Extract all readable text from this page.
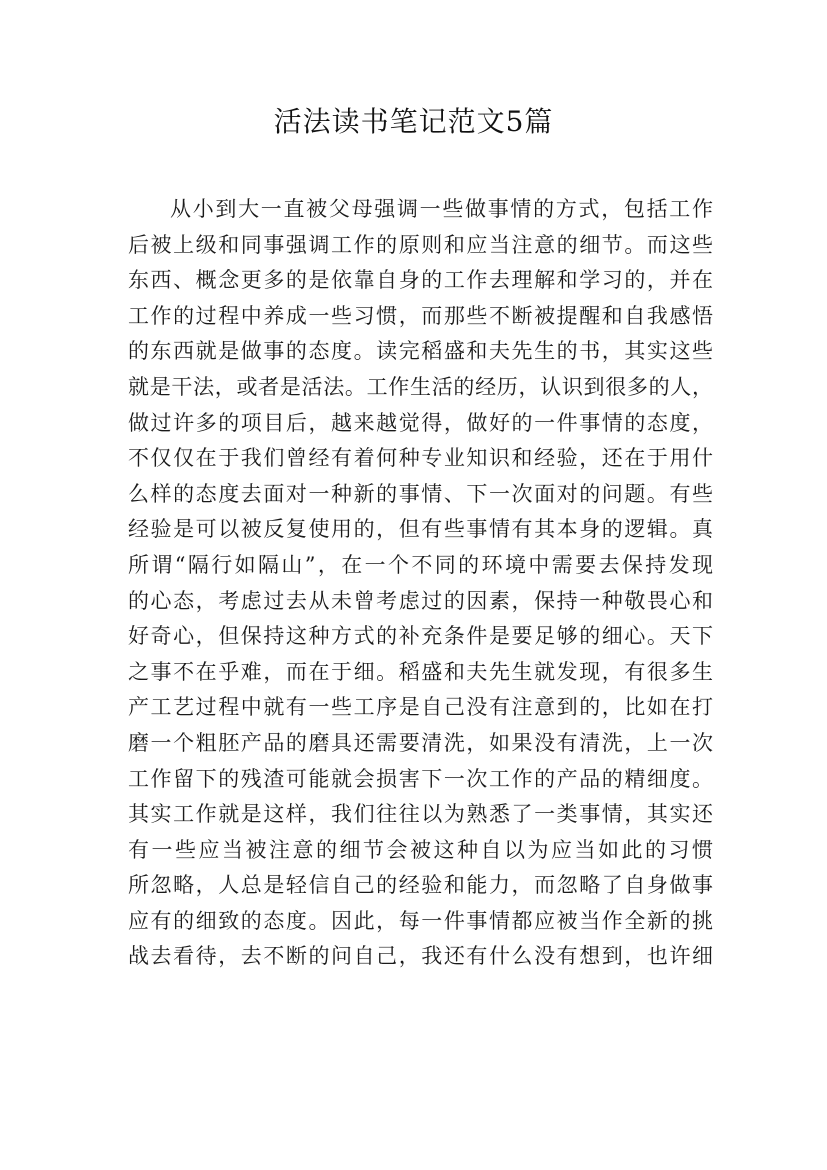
活法读书笔记范文5篇
从小到大一直被父母强调一些做事情的方式，包括工作
后被上级和同事强调工作的原则和应当注意的细节。而这些
东西、概念更多的是依靠自身的工作去理解和学习的，并在
工作的过程中养成一些习惯，而那些不断被提醒和自我感悟
的东西就是做事的态度。读完稻盛和夫先生的书，其实这些
就是干法，或者是活法。工作生活的经历，认识到很多的人，
做过许多的项目后，越来越觉得，做好的一件事情的态度，
不仅仅在于我们曾经有着何种专业知识和经验，还在于用什
么样的态度去面对一种新的事情、下一次面对的问题。有些
经验是可以被反复使用的，但有些事情有其本身的逻辑。真
所谓“隔行如隔山”，在一个不同的环境中需要去保持发现
的心态，考虑过去从未曾考虑过的因素，保持一种敬畏心和
好奇心，但保持这种方式的补充条件是要足够的细心。天下
之事不在乎难，而在于细。稻盛和夫先生就发现，有很多生
产工艺过程中就有一些工序是自己没有注意到的，比如在打
磨一个粗胚产品的磨具还需要清洗，如果没有清洗，上一次
工作留下的残渣可能就会损害下一次工作的产品的精细度。
其实工作就是这样，我们往往以为熟悉了一类事情，其实还
有一些应当被注意的细节会被这种自以为应当如此的习惯
所忽略，人总是轻信自己的经验和能力，而忽略了自身做事
应有的细致的态度。因此，每一件事情都应被当作全新的挑
战去看待，去不断的问自己，我还有什么没有想到，也许细
